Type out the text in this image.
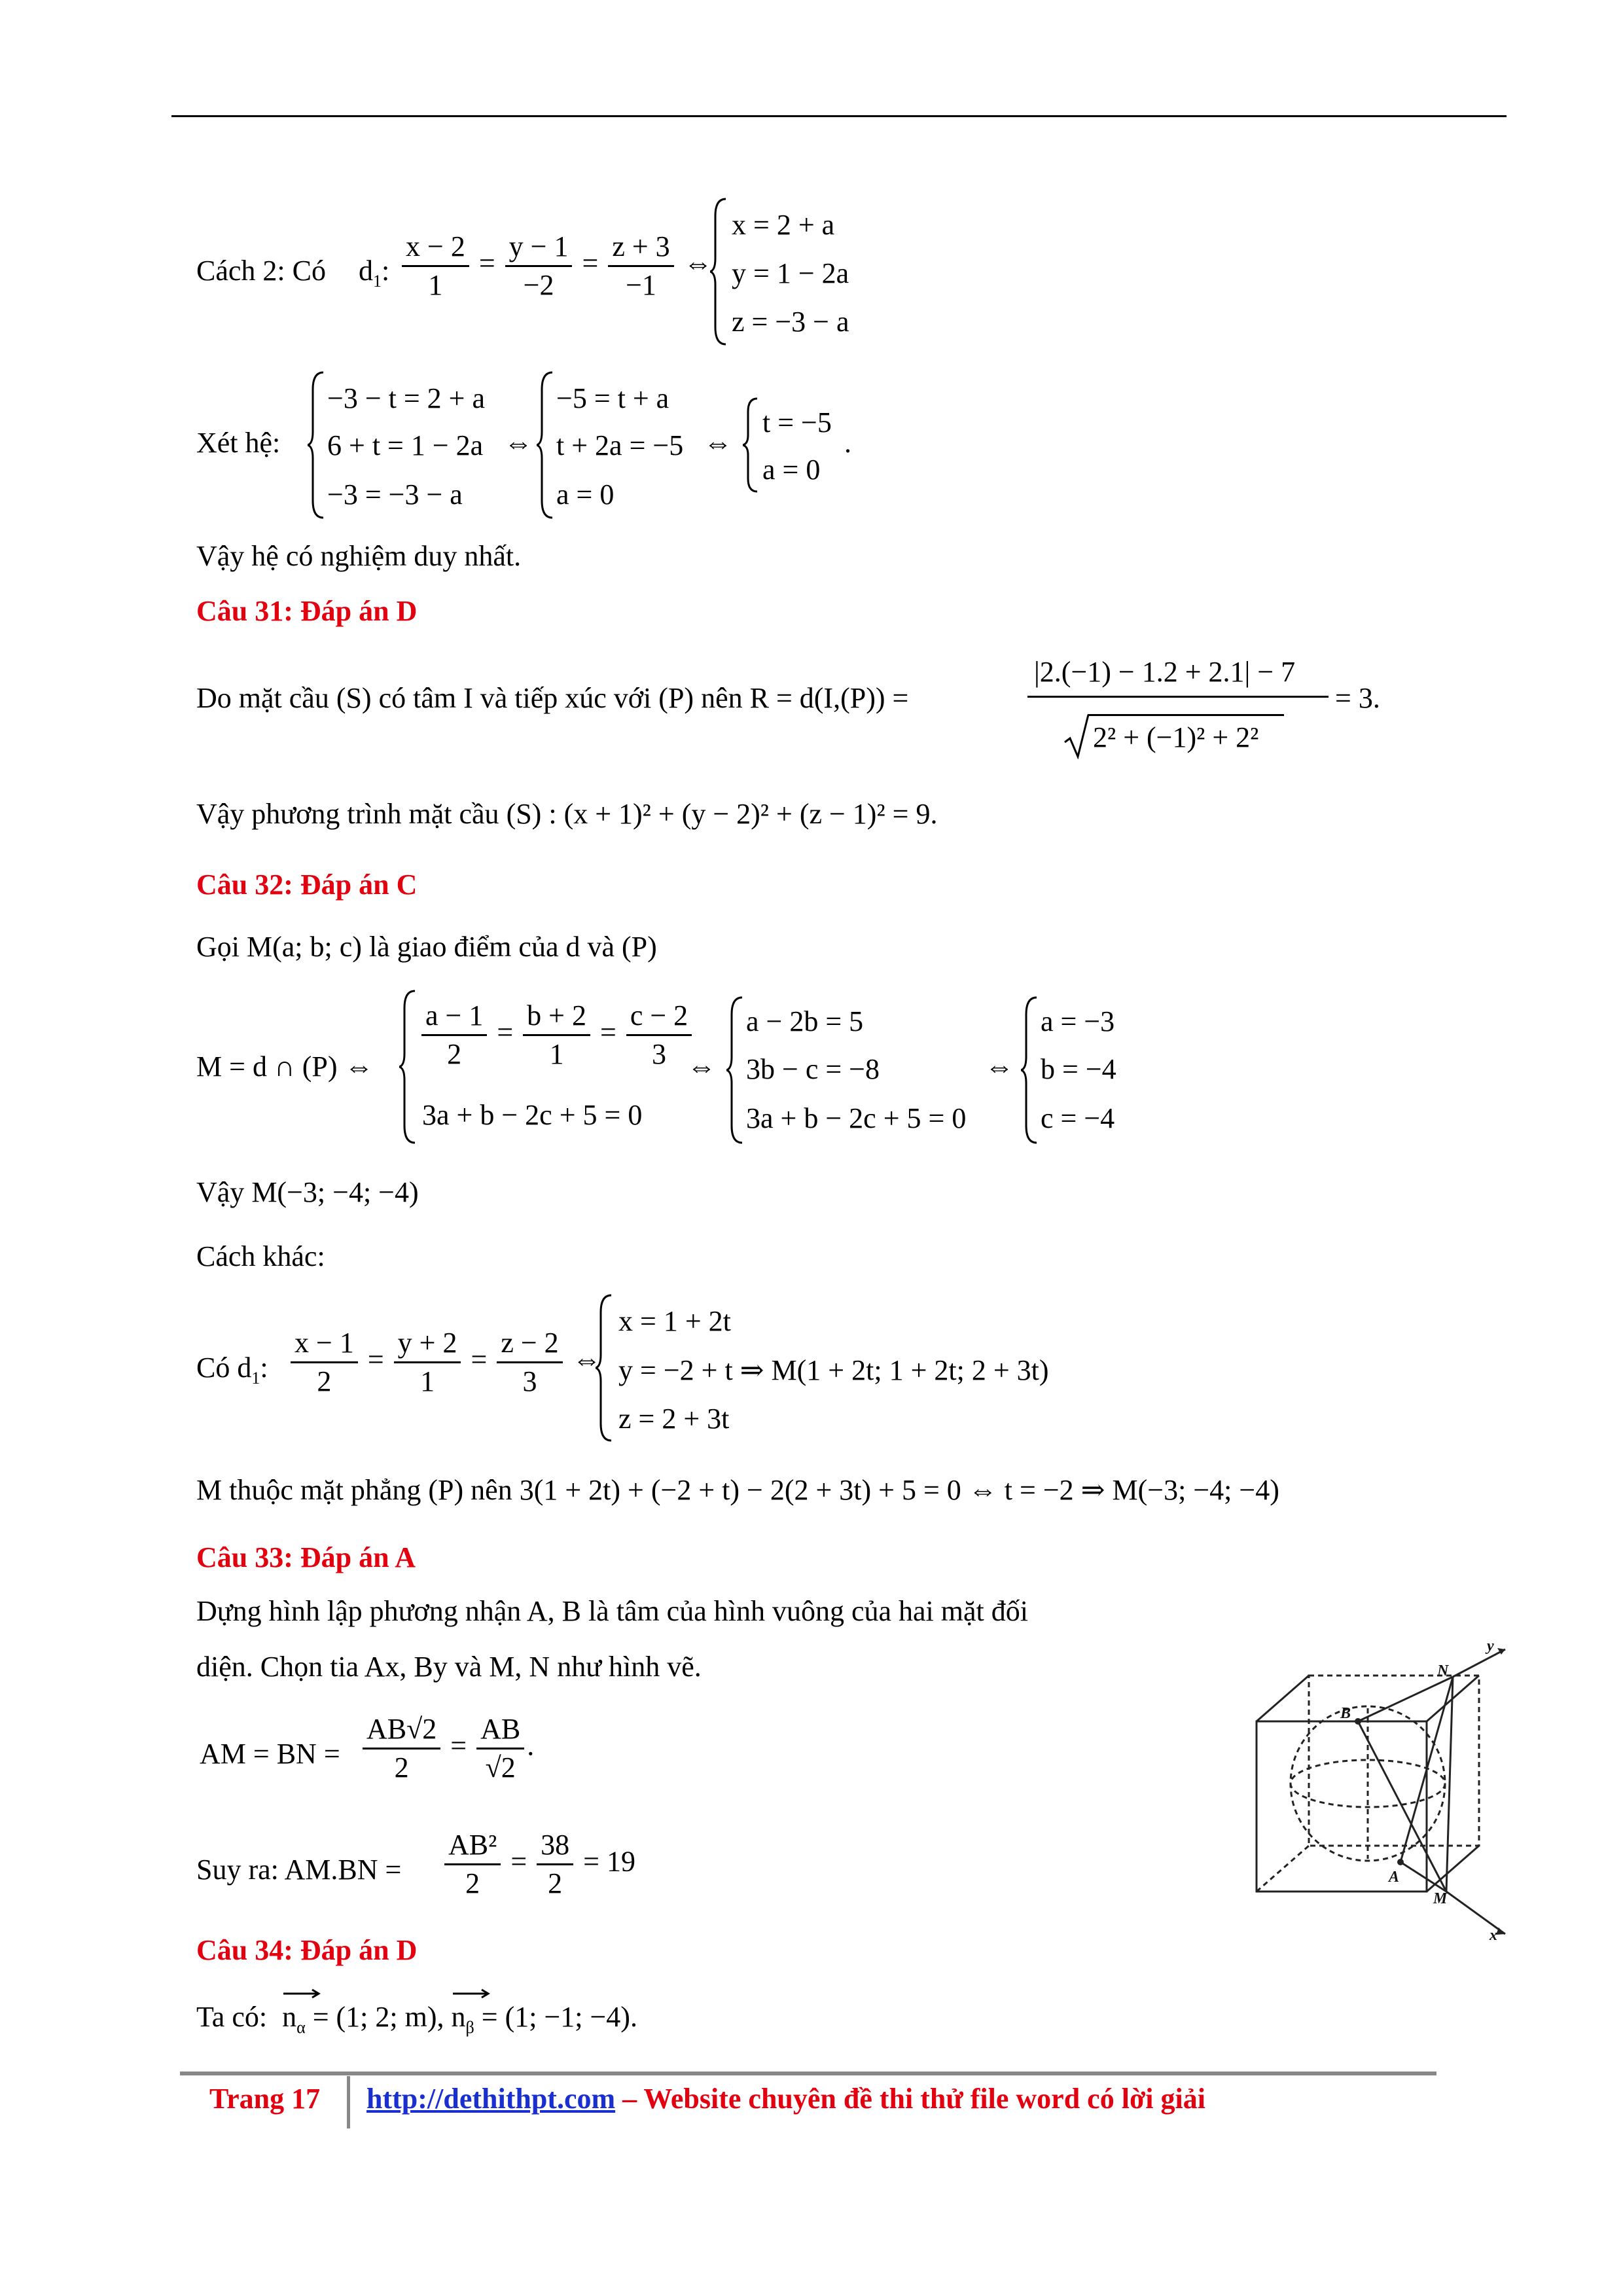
Cách 2: Có $d_1$: $\frac{x - 2}{1} = \frac{y - 1}{-2} = \frac{z + 3}{-1}$ ⇔
x = 2 + a
y = 1 − 2a
z = −3 − a
Xét hệ:
−3 − t = 2 + a
6 + t = 1 − 2a
−3 = −3 − a
⇔
−5 = t + a
t + 2a = −5
a = 0
⇔
t = −5
a = 0
.
Vậy hệ có nghiệm duy nhất.
Câu 31: Đáp án D
Do mặt cầu (S) có tâm I và tiếp xúc với (P) nên R = d(I,(P)) =
|2.(−1) − 1.2 + 2.1| − 7
2² + (−1)² + 2²
= 3.
Vậy phương trình mặt cầu (S) : (x + 1)² + (y − 2)² + (z − 1)² = 9.
Câu 32: Đáp án C
Gọi M(a; b; c) là giao điểm của d và (P)
M = d ∩ (P) ⇔ $\frac{a - 1}{2} = \frac{b + 2}{1} = \frac{c - 2}{3}$
3a + b − 2c + 5 = 0
⇔
a − 2b = 5
3b − c = −8
3a + b − 2c + 5 = 0
⇔
a = −3
b = −4
c = −4
Vậy M(−3; −4; −4)
Cách khác:
Có $d_1$: $\frac{x - 1}{2} = \frac{y + 2}{1} = \frac{z - 2}{3}$ ⇔
x = 1 + 2t
y = −2 + t ⇒ M(1 + 2t; 1 + 2t; 2 + 3t)
z = 2 + 3t
M thuộc mặt phẳng (P) nên 3(1 + 2t) + (−2 + t) − 2(2 + 3t) + 5 = 0 ⇔ t = −2 ⇒ M(−3; −4; −4)
Câu 33: Đáp án A
Dựng hình lập phương nhận A, B là tâm của hình vuông của hai mặt đối
diện. Chọn tia Ax, By và M, N như hình vẽ.
AM = BN = $\frac{AB√2}{2} = \frac{AB}{√2}$ .
Suy ra: $AM.BN = \frac{\text{AB²}}{2} = \frac{38}{2} = 19$
N
y
B
A
M
x
Câu 34: Đáp án D
Ta có: $n_\alpha = (1$; 2; m), $n_\beta = (1$; −1; −4).
Trang 17 http://dethithpt.com – Website chuyên đề thi thử file word có lời giải
